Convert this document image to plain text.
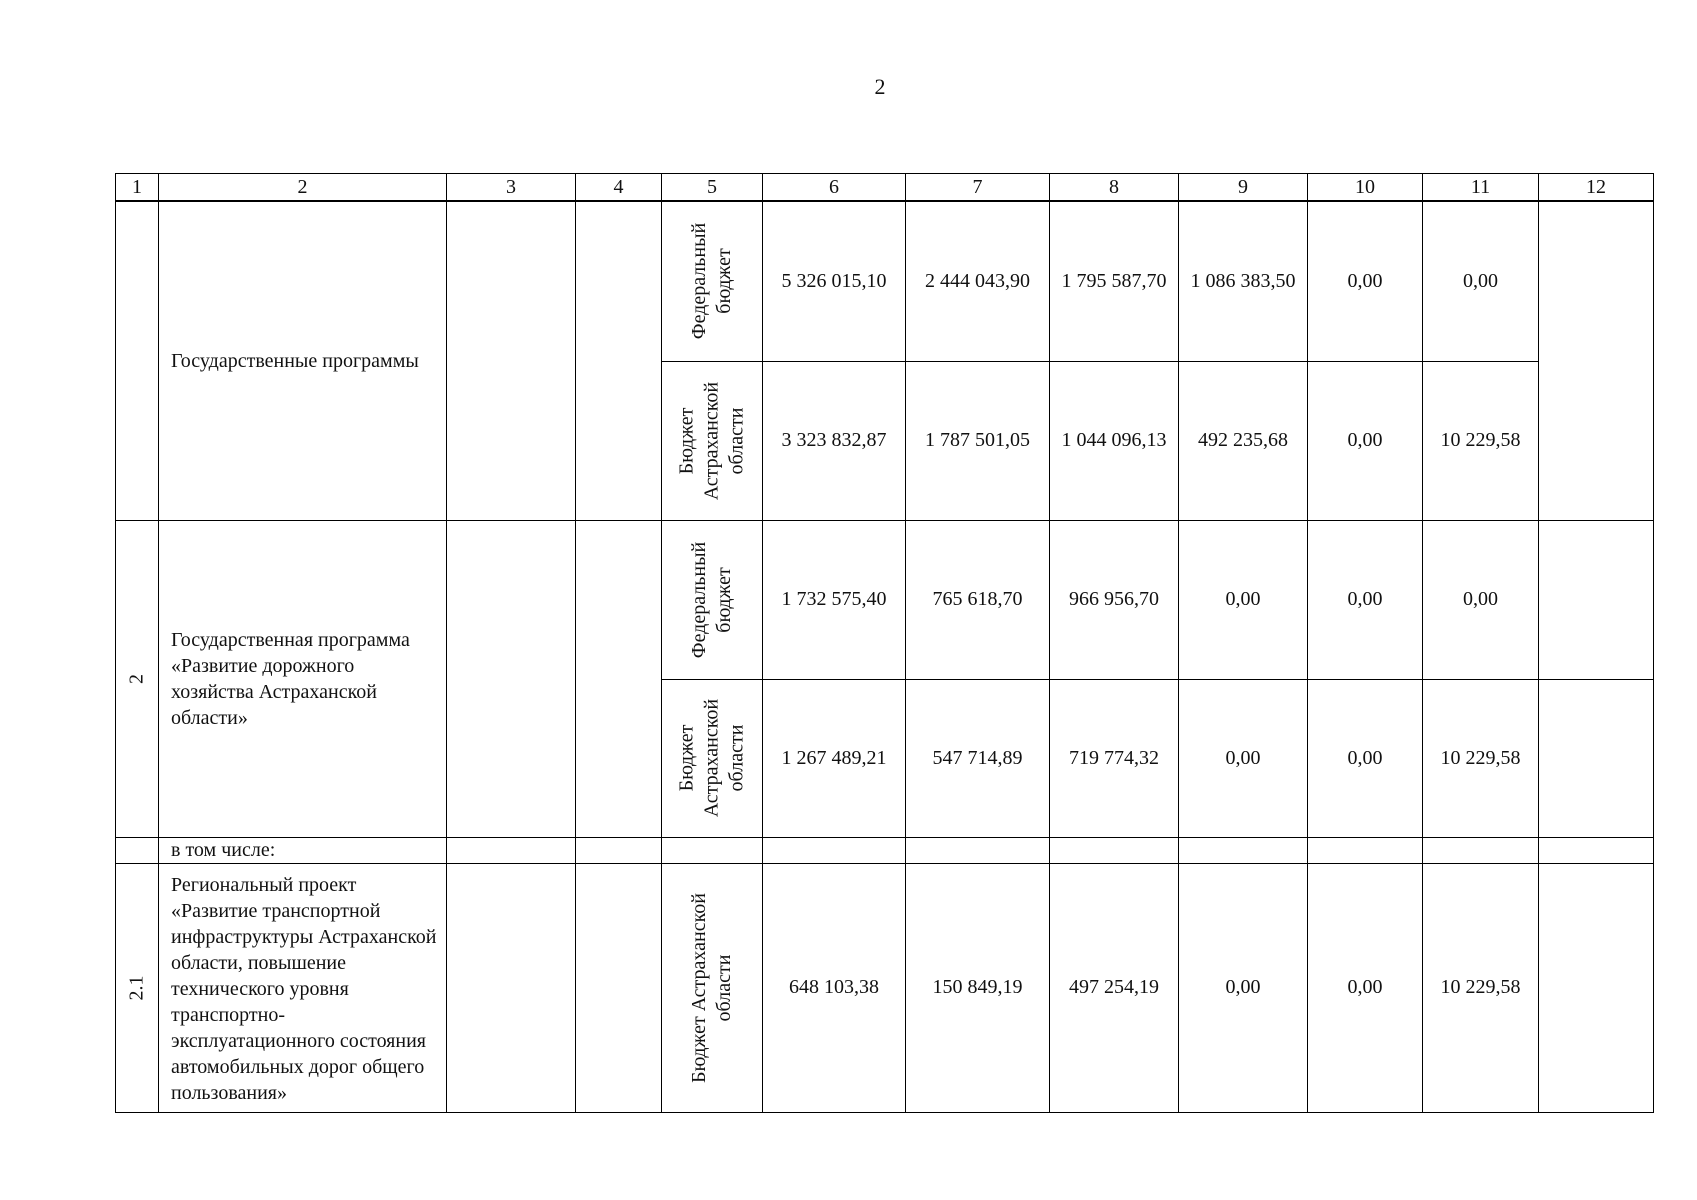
2
1	2	3	4	5	6	7	8	9	10	11	12

	Государственные программы			Федеральный бюджет	5 326 015,10	2 444 043,90	1 795 587,70	1 086 383,50	0,00	0,00	

				Бюджет Астраханской области	3 323 832,87	1 787 501,05	1 044 096,13	492 235,68	0,00	10 229,58	

2	Государственная программа «Развитие дорожного хозяйства Астраханской области»			Федеральный бюджет	1 732 575,40	765 618,70	966 956,70	0,00	0,00	0,00	

				Бюджет Астраханской области	1 267 489,21	547 714,89	719 774,32	0,00	0,00	10 229,58	
	в том числе:										

2.1	Региональный проект «Развитие транспортной инфраструктуры Астраханской области, повышение технического уровня транспортно-эксплуатационного состояния автомобильных дорог общего пользования»			Бюджет Астраханской области	648 103,38	150 849,19	497 254,19	0,00	0,00	10 229,58	
